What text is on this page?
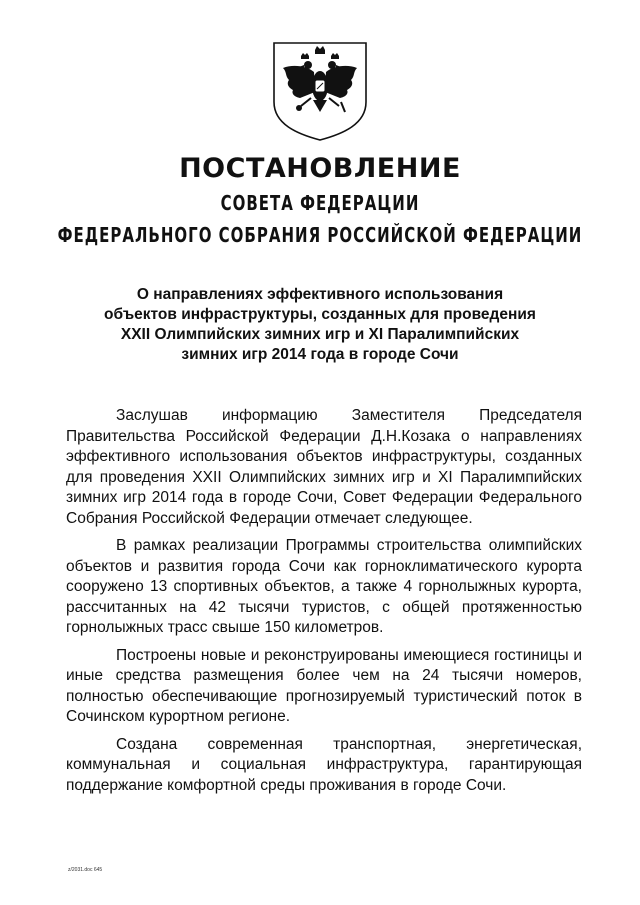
ПОСТАНОВЛЕНИЕ
СОВЕТА ФЕДЕРАЦИИ
ФЕДЕРАЛЬНОГО СОБРАНИЯ РОССИЙСКОЙ ФЕДЕРАЦИИ
О направлениях эффективного использования
объектов инфраструктуры, созданных для проведения
XXII Олимпийских зимних игр и XI Паралимпийских
зимних игр 2014 года в городе Сочи

Заслушав информацию Заместителя Председателя Правительства Российской Федерации Д.Н.Козака о направлениях эффективного использования объектов инфраструктуры, созданных для проведения XXII Олимпийских зимних игр и XI Паралимпийских зимних игр 2014 года в городе Сочи, Совет Федерации Федерального Собрания Российской Федерации отмечает следующее.

В рамках реализации Программы строительства олимпийских объектов и развития города Сочи как горноклиматического курорта сооружено 13 спортивных объектов, а также 4 горнолыжных курорта, рассчитанных на 42 тысячи туристов, с общей протяженностью горнолыжных трасс свыше 150 километров.

Построены новые и реконструированы имеющиеся гостиницы и иные средства размещения более чем на 24 тысячи номеров, полностью обеспечивающие прогнозируемый туристический поток в Сочинском курортном регионе.

Создана современная транспортная, энергетическая, коммунальная и социальная инфраструктура, гарантирующая поддержание комфортной среды проживания в городе Сочи.

z/2031.doc 645
